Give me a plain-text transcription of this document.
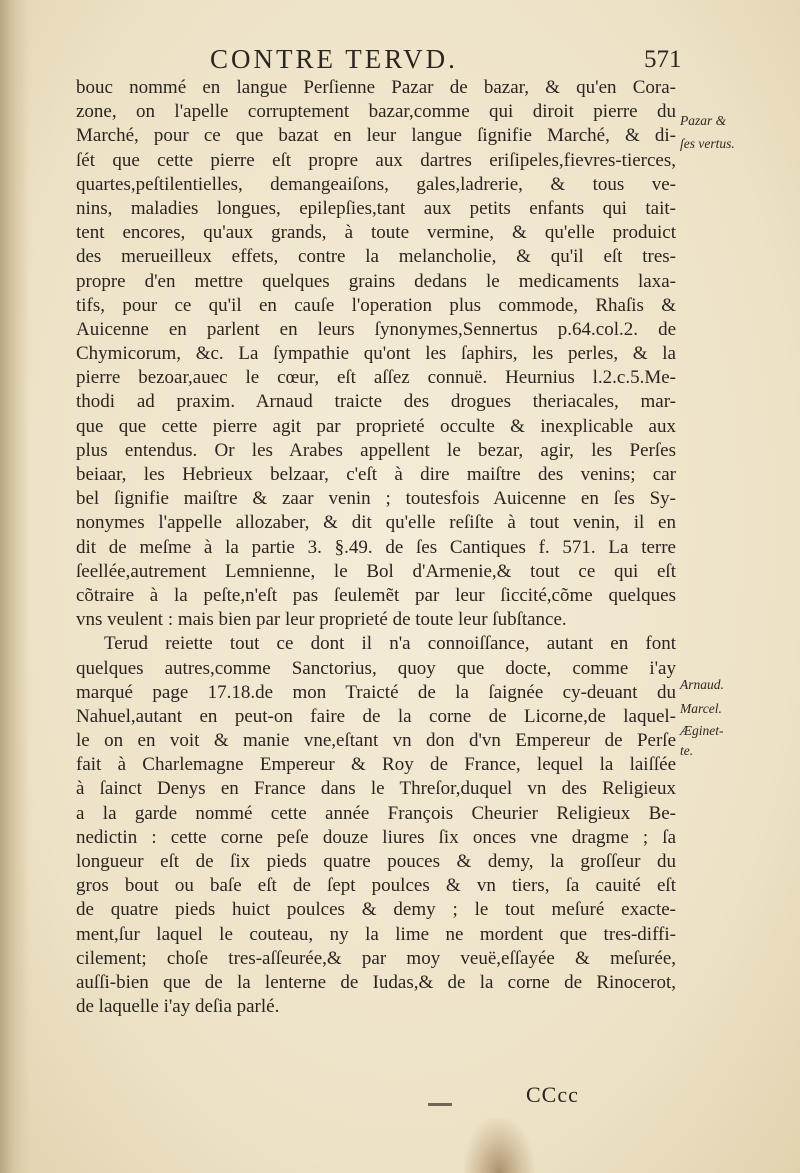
CONTRE TERVD.	571
bouc nommé en langue Perſienne Pazar de bazar, & qu'en Cora-
zone, on l'apelle corruptement bazar,comme qui diroit pierre du
Marché, pour ce que bazat en leur langue ſignifie Marché, & di-
ſét que cette pierre eſt propre aux dartres eriſipeles,fievres-tierces,
quartes,peſtilentielles, demangeaiſons, gales,ladrerie, & tous ve-
nins, maladies longues, epilepſies,tant aux petits enfants qui tait-
tent encores, qu'aux grands, à toute vermine, & qu'elle produict
des merueilleux effets, contre la melancholie, & qu'il eſt tres-
propre d'en mettre quelques grains dedans le medicaments laxa-
tifs, pour ce qu'il en cauſe l'operation plus commode, Rhaſis &
Auicenne en parlent en leurs ſynonymes,Sennertus p.64.col.2. de
Chymicorum, &c. La ſympathie qu'ont les ſaphirs, les perles, & la
pierre bezoar,auec le cœur, eſt aſſez connuë. Heurnius l.2.c.5.Me-
thodi ad praxim. Arnaud traicte des drogues theriacales, mar-
que que cette pierre agit par proprieté occulte & inexplicable aux
plus entendus. Or les Arabes appellent le bezar, agir, les Perſes
beiaar, les Hebrieux belzaar, c'eſt à dire maiſtre des venins; car
bel ſignifie maiſtre & zaar venin ; toutesfois Auicenne en ſes Sy-
nonymes l'appelle allozaber, & dit qu'elle reſiſte à tout venin, il en
dit de meſme à la partie 3. §.49. de ſes Cantiques f. 571. La terre
ſeellée,autrement Lemnienne, le Bol d'Armenie,& tout ce qui eſt
cõtraire à la peſte,n'eſt pas ſeulemẽt par leur ſiccité,cõme quelques
vns veulent : mais bien par leur proprieté de toute leur ſubſtance.
Terud reiette tout ce dont il n'a connoiſſance, autant en font
quelques autres,comme Sanctorius, quoy que docte, comme i'ay
marqué page 17.18.de mon Traicté de la ſaignée cy-deuant du
Nahuel,autant en peut-on faire de la corne de Licorne,de laquel-
le on en voit & manie vne,eſtant vn don d'vn Empereur de Perſe
fait à Charlemagne Empereur & Roy de France, lequel la laiſſée
à ſainct Denys en France dans le Threſor,duquel vn des Religieux
a la garde nommé cette année François Cheurier Religieux Be-
nedictin : cette corne peſe douze liures ſix onces vne dragme ; ſa
longueur eſt de ſix pieds quatre pouces & demy, la groſſeur du
gros bout ou baſe eſt de ſept poulces & vn tiers, ſa cauité eſt
de quatre pieds huict poulces & demy ; le tout meſuré exacte-
ment,ſur laquel le couteau, ny la lime ne mordent que tres-diffi-
cilement; choſe tres-aſſeurée,& par moy veuë,eſſayée & meſurée,
auſſi-bien que de la lenterne de Iudas,& de la corne de Rinocerot,
de laquelle i'ay deſia parlé.
Pazar &
ſes vertus.
Arnaud.
Marcel.
Æginet-
te.
CCcc
